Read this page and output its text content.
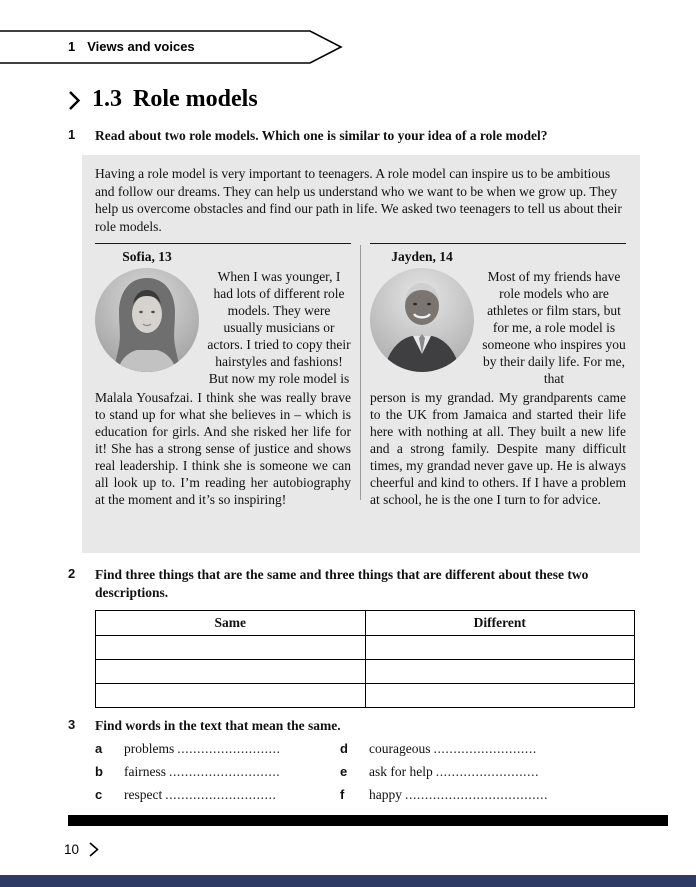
1 Views and voices
1.3 Role models
1 Read about two role models. Which one is similar to your idea of a role model?
Having a role model is very important to teenagers. A role model can inspire us to be ambitious and follow our dreams. They can help us understand who we want to be when we grow up. They help us overcome obstacles and find our path in life. We asked two teenagers to tell us about their role models.
Sofia, 13
When I was younger, I had lots of different role models. They were usually musicians or actors. I tried to copy their hairstyles and fashions! But now my role model is
Malala Yousafzai. I think she was really brave to stand up for what she believes in – which is education for girls. And she risked her life for it! She has a strong sense of justice and shows real leadership. I think she is someone we can all look up to. I’m reading her autobiography at the moment and it’s so inspiring!
Jayden, 14
Most of my friends have role models who are athletes or film stars, but for me, a role model is someone who inspires you by their daily life. For me, that
person is my grandad. My grandparents came to the UK from Jamaica and started their life here with nothing at all. They built a new life and a strong family. Despite many difficult times, my grandad never gave up. He is always cheerful and kind to others. If I have a problem at school, he is the one I turn to for advice.
2 Find three things that are the same and three things that are different about these two descriptions.
Same	Different

3 Find words in the text that mean the same.
a problems ..........................
b fairness ............................
c respect ............................
d courageous ..........................
e ask for help ..........................
f happy ....................................
10
